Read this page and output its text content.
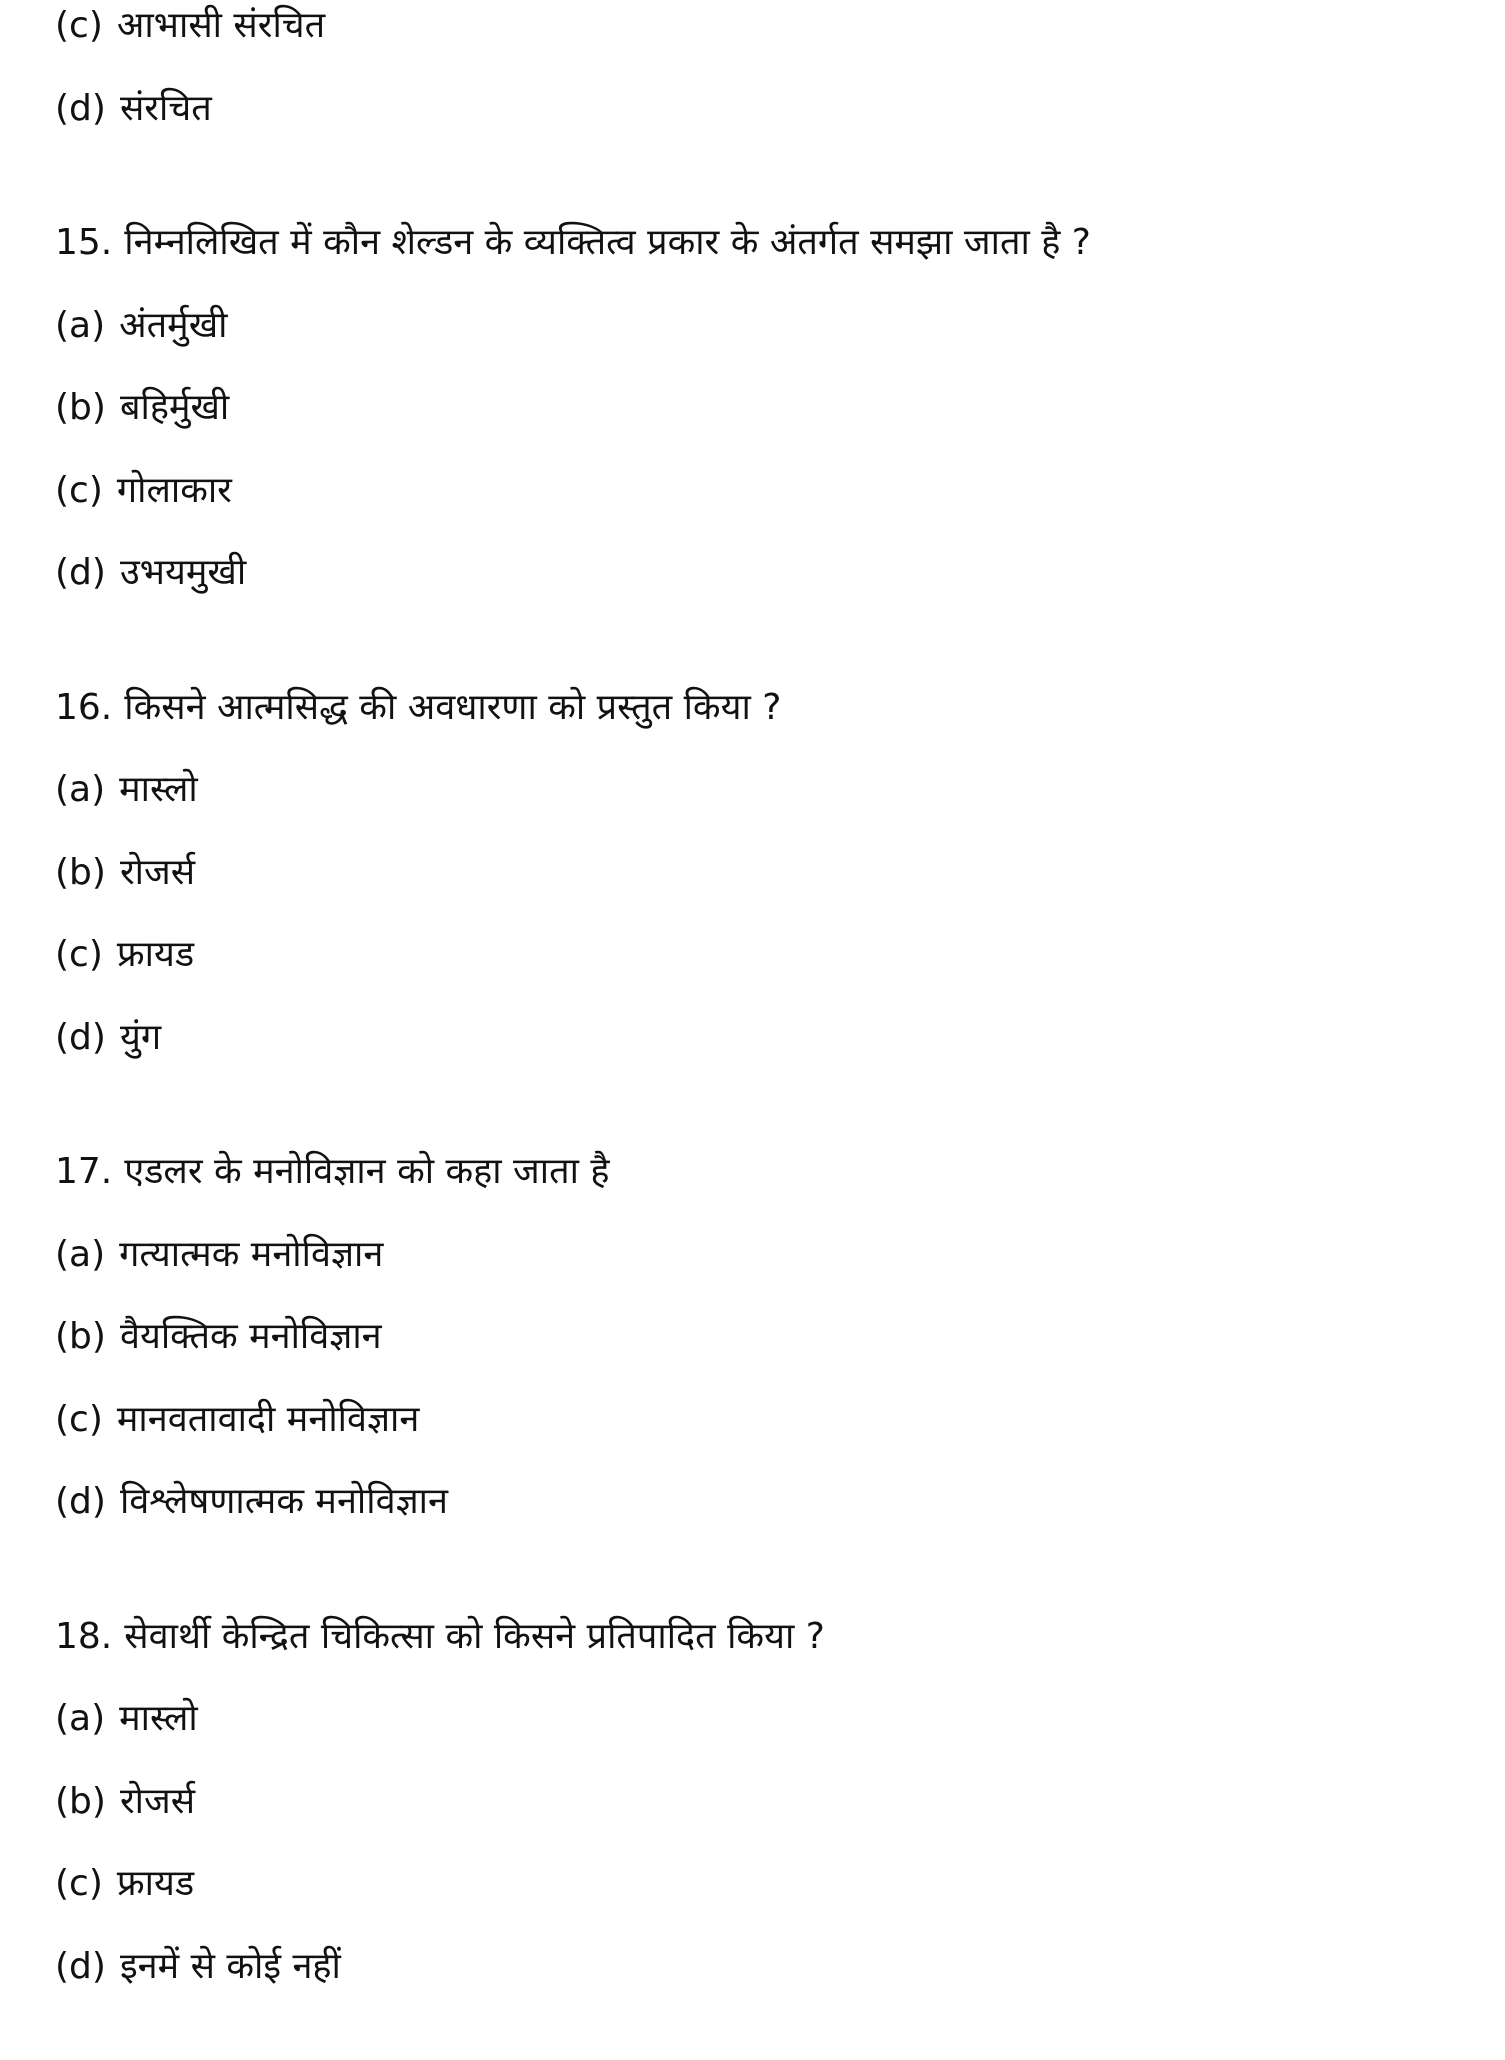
(c) आभासी संरचित
(d) संरचित
15. निम्नलिखित में कौन शेल्डन के व्यक्तित्व प्रकार के अंतर्गत समझा जाता है ?
(a) अंतर्मुखी
(b) बहिर्मुखी
(c) गोलाकार
(d) उभयमुखी
16. किसने आत्मसिद्ध की अवधारणा को प्रस्तुत किया ?
(a) मास्लो
(b) रोजर्स
(c) फ्रायड
(d) युंग
17. एडलर के मनोविज्ञान को कहा जाता है
(a) गत्यात्मक मनोविज्ञान
(b) वैयक्तिक मनोविज्ञान
(c) मानवतावादी मनोविज्ञान
(d) विश्लेषणात्मक मनोविज्ञान
18. सेवार्थी केन्द्रित चिकित्सा को किसने प्रतिपादित किया ?
(a) मास्लो
(b) रोजर्स
(c) फ्रायड
(d) इनमें से कोई नहीं
